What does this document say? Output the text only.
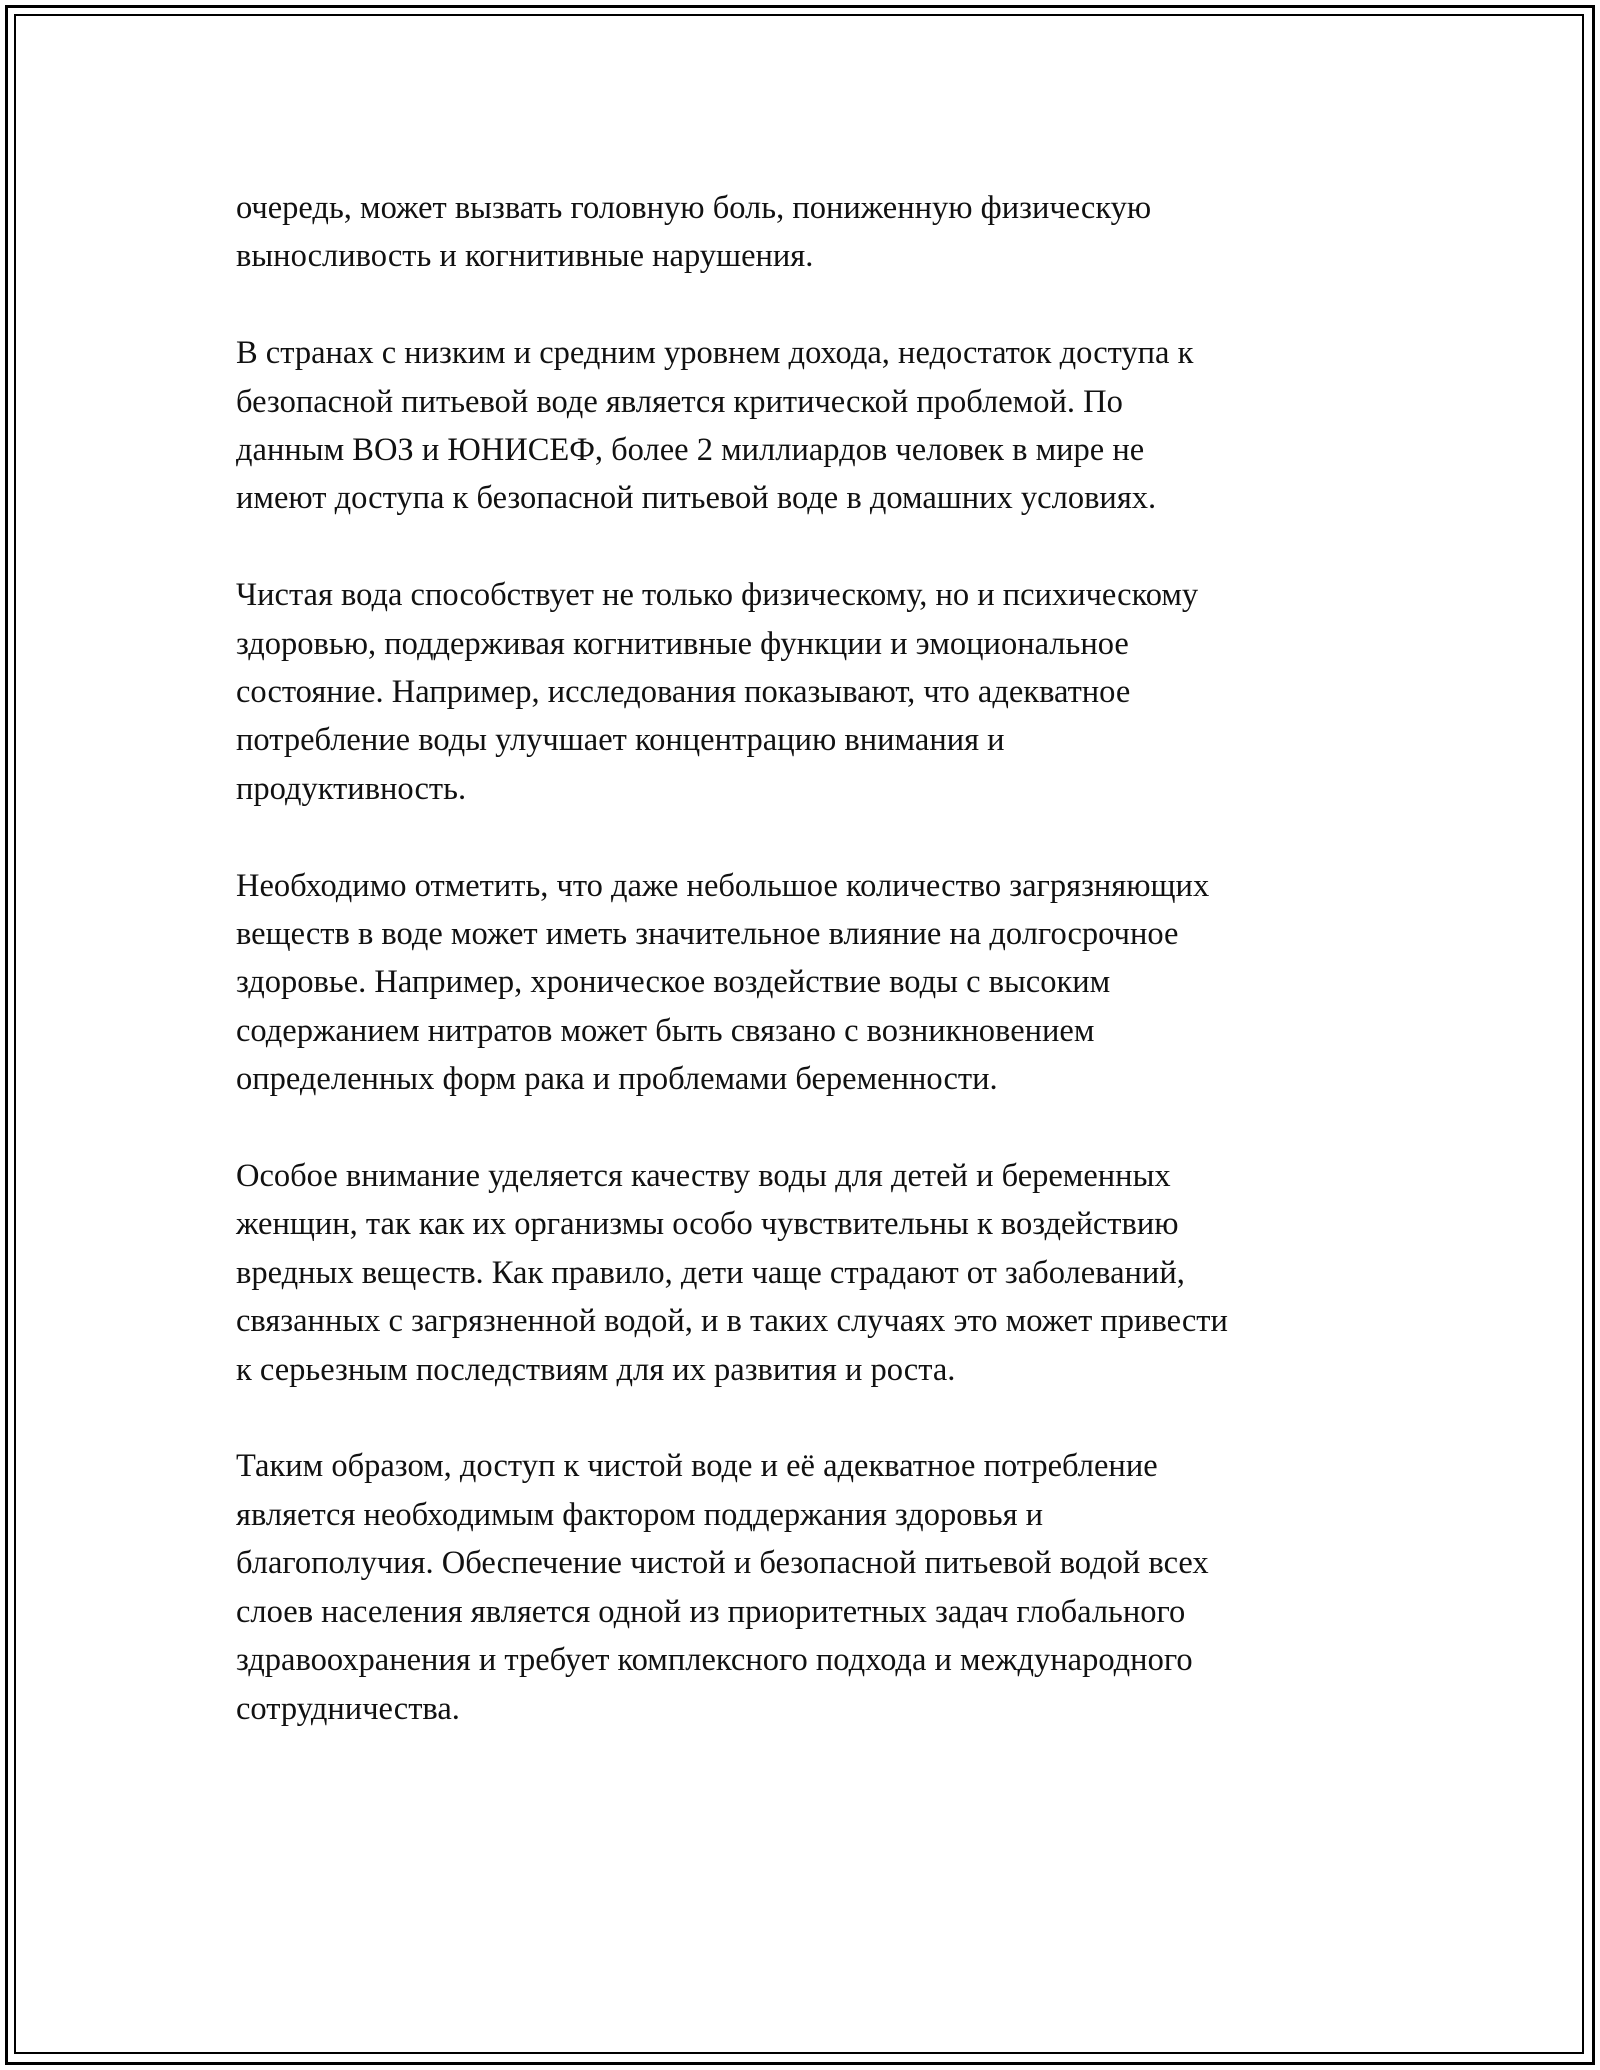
очередь, может вызвать головную боль, пониженную физическую
выносливость и когнитивные нарушения.

В странах с низким и средним уровнем дохода, недостаток доступа к
безопасной питьевой воде является критической проблемой. По
данным ВОЗ и ЮНИСЕФ, более 2 миллиардов человек в мире не
имеют доступа к безопасной питьевой воде в домашних условиях.

Чистая вода способствует не только физическому, но и психическому
здоровью, поддерживая когнитивные функции и эмоциональное
состояние. Например, исследования показывают, что адекватное
потребление воды улучшает концентрацию внимания и
продуктивность.

Необходимо отметить, что даже небольшое количество загрязняющих
веществ в воде может иметь значительное влияние на долгосрочное
здоровье. Например, хроническое воздействие воды с высоким
содержанием нитратов может быть связано с возникновением
определенных форм рака и проблемами беременности.

Особое внимание уделяется качеству воды для детей и беременных
женщин, так как их организмы особо чувствительны к воздействию
вредных веществ. Как правило, дети чаще страдают от заболеваний,
связанных с загрязненной водой, и в таких случаях это может привести
к серьезным последствиям для их развития и роста.

Таким образом, доступ к чистой воде и её адекватное потребление
является необходимым фактором поддержания здоровья и
благополучия. Обеспечение чистой и безопасной питьевой водой всех
слоев населения является одной из приоритетных задач глобального
здравоохранения и требует комплексного подхода и международного
сотрудничества.
